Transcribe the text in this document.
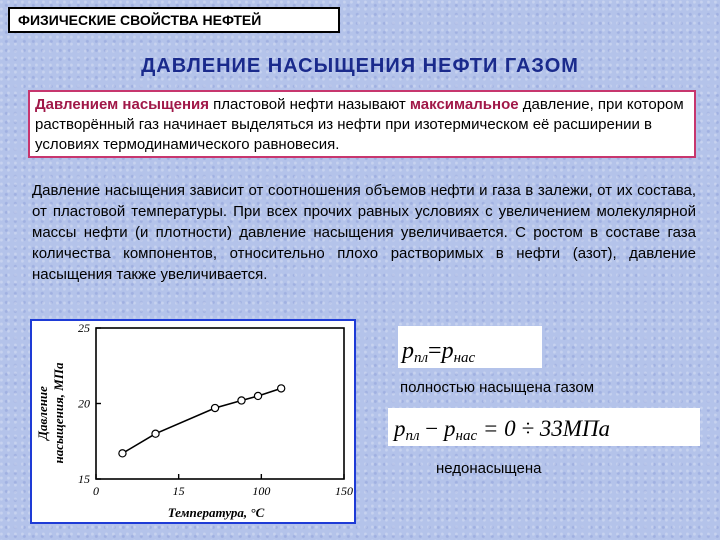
ФИЗИЧЕСКИЕ СВОЙСТВА НЕФТЕЙ
ДАВЛЕНИЕ НАСЫЩЕНИЯ НЕФТИ ГАЗОМ
Давлением насыщения пластовой нефти называют максимальное давление, при котором растворённый газ начинает выделяться из нефти при изотермическом её расширении в условиях термодинамического равновесия.
Давление насыщения зависит от соотношения объемов нефти и газа в залежи, от их состава, от пластовой температуры. При всех прочих равных условиях с увеличением молекулярной массы нефти (и плотности) давление насыщения увеличивается. С ростом в составе газа количества компонентов, относительно плохо растворимых в нефти (азот), давление насыщения также увеличивается.
Давление насыщения, МПа
Температура, °С
15
20
25
0	15	100	150
pпл=pнас
полностью насыщена газом
pпл − pнас = 0 ÷ 33МПа
недонасыщена
